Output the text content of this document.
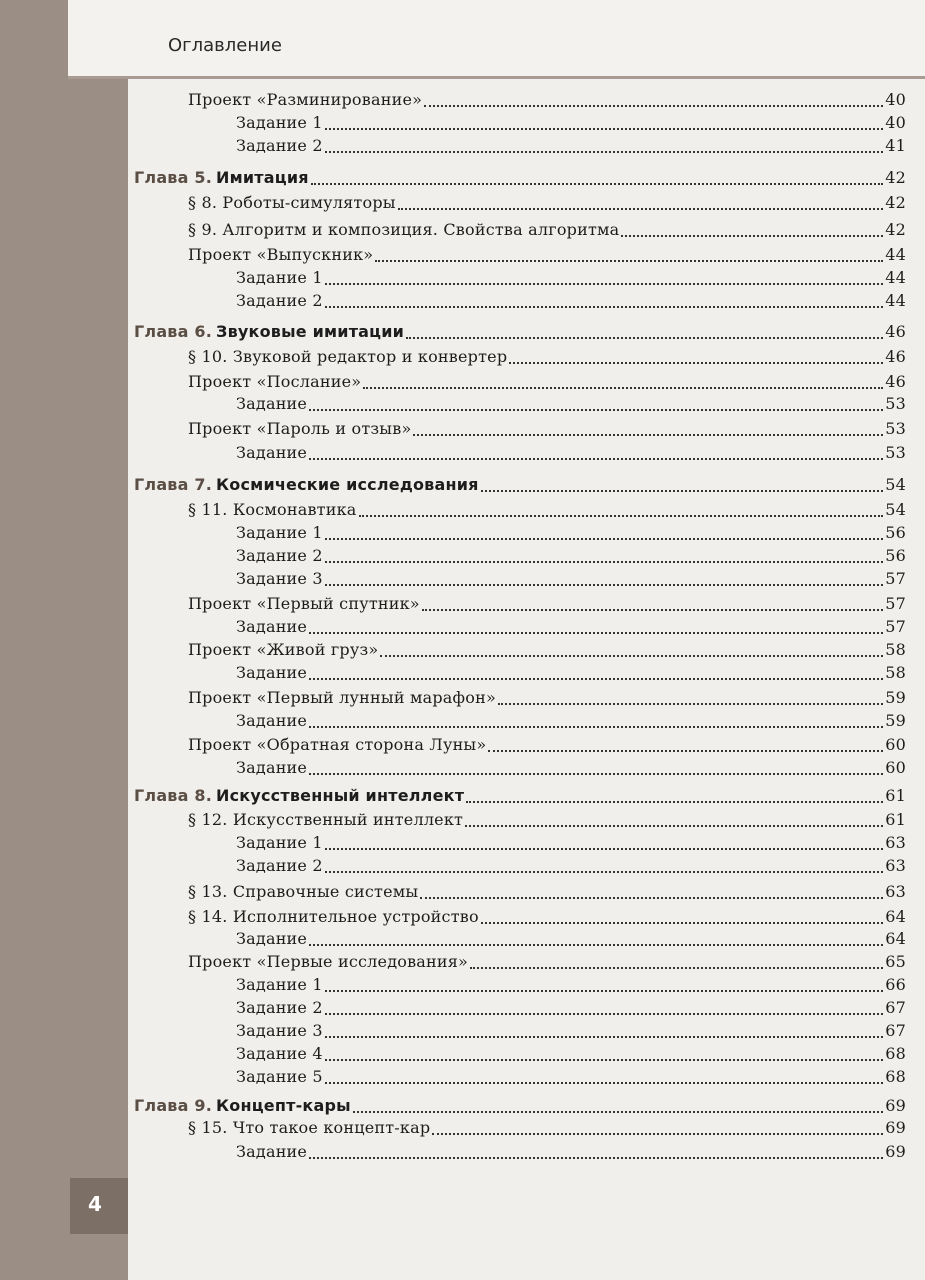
Оглавление
4
Проект «Разминирование»	40
Задание 1	40
Задание 2	41
Глава 5. Имитация	42
§ 8. Роботы-симуляторы	42
§ 9. Алгоритм и композиция. Свойства алгоритма	42
Проект «Выпускник»	44
Задание 1	44
Задание 2	44
Глава 6. Звуковые имитации	46
§ 10. Звуковой редактор и конвертер	46
Проект «Послание»	46
Задание	53
Проект «Пароль и отзыв»	53
Задание	53
Глава 7. Космические исследования	54
§ 11. Космонавтика	54
Задание 1	56
Задание 2	56
Задание 3	57
Проект «Первый спутник»	57
Задание	57
Проект «Живой груз»	58
Задание	58
Проект «Первый лунный марафон»	59
Задание	59
Проект «Обратная сторона Луны»	60
Задание	60
Глава 8. Искусственный интеллект	61
§ 12. Искусственный интеллект	61
Задание 1	63
Задание 2	63
§ 13. Справочные системы	63
§ 14. Исполнительное устройство	64
Задание	64
Проект «Первые исследования»	65
Задание 1	66
Задание 2	67
Задание 3	67
Задание 4	68
Задание 5	68
Глава 9. Концепт-кары	69
§ 15. Что такое концепт-кар	69
Задание	69
